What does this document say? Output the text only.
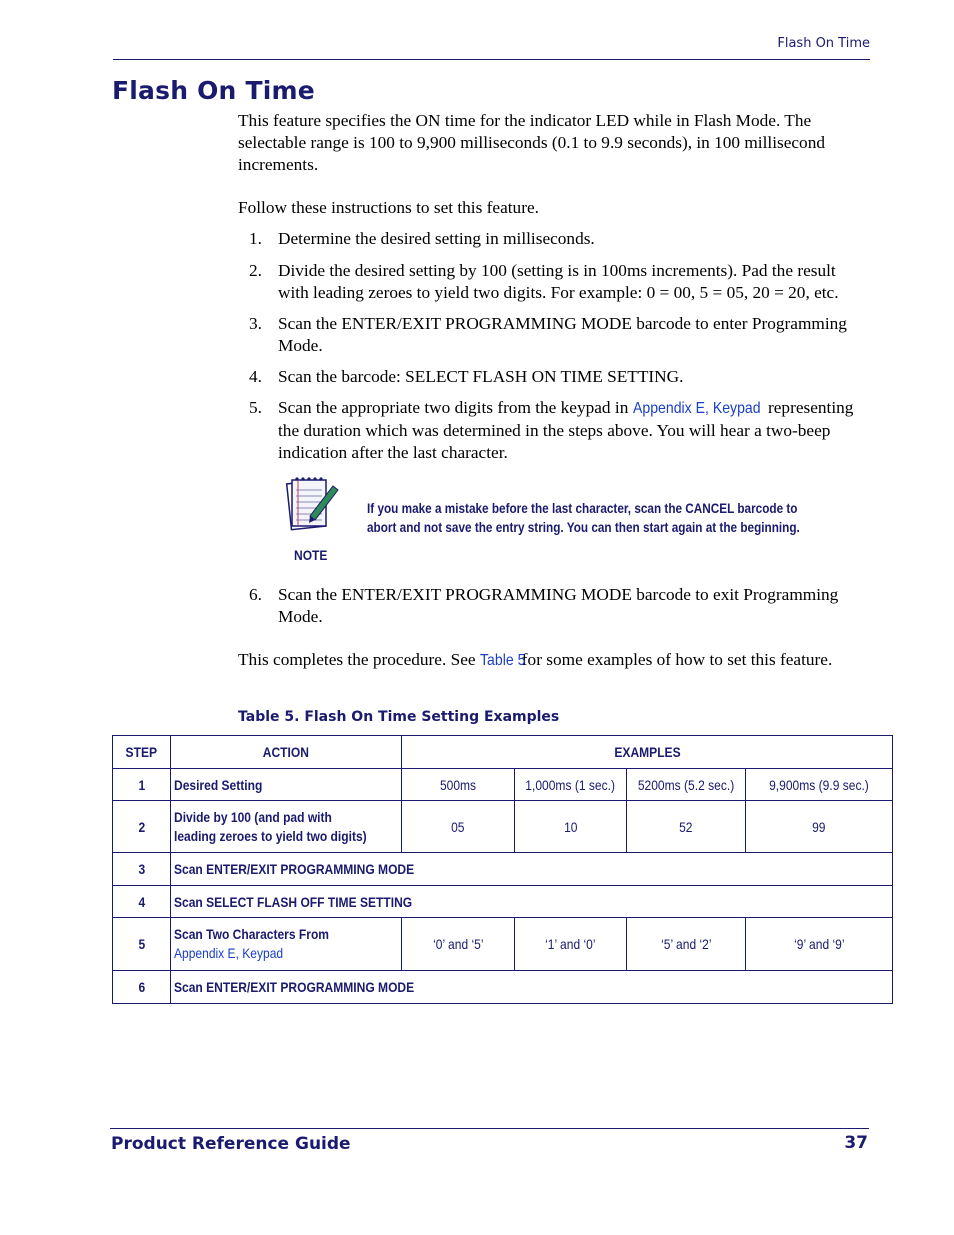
Flash On Time
Flash On Time

This feature specifies the ON time for the indicator LED while in Flash Mode. The selectable range is 100 to 9,900 milliseconds (0.1 to 9.9 seconds), in 100 millisecond increments.

Follow these instructions to set this feature.

1. Determine the desired setting in milliseconds.
2. Divide the desired setting by 100 (setting is in 100ms increments). Pad the result with leading zeroes to yield two digits. For example: 0 = 00, 5 = 05, 20 = 20, etc.
3. Scan the ENTER/EXIT PROGRAMMING MODE barcode to enter Programming Mode.
4. Scan the barcode: SELECT FLASH ON TIME SETTING.
5. Scan the appropriate two digits from the keypad in Appendix E, Keypad representing the duration which was determined in the steps above. You will hear a two-beep indication after the last character.
NOTE
If you make a mistake before the last character, scan the CANCEL barcode to abort and not save the entry string. You can then start again at the beginning.
6. Scan the ENTER/EXIT PROGRAMMING MODE barcode to exit Programming Mode.

This completes the procedure. See Table 5 for some examples of how to set this feature.

Table 5. Flash On Time Setting Examples
STEP	ACTION	EXAMPLES			
1	Desired Setting	500ms	1,000ms (1 sec.)	5200ms (5.2 sec.)	9,900ms (9.9 sec.)
2	Divide by 100 (and pad with
leading zeroes to yield two digits)	05	10	52	99
3	Scan ENTER/EXIT PROGRAMMING MODE				
4	Scan SELECT FLASH OFF TIME SETTING				
5	Scan Two Characters From
Appendix E, Keypad	‘0’ and ‘5’	‘1’ and ‘0’	‘5’ and ‘2’	‘9’ and ‘9’
6	Scan ENTER/EXIT PROGRAMMING MODE				
Product Reference Guide	37
